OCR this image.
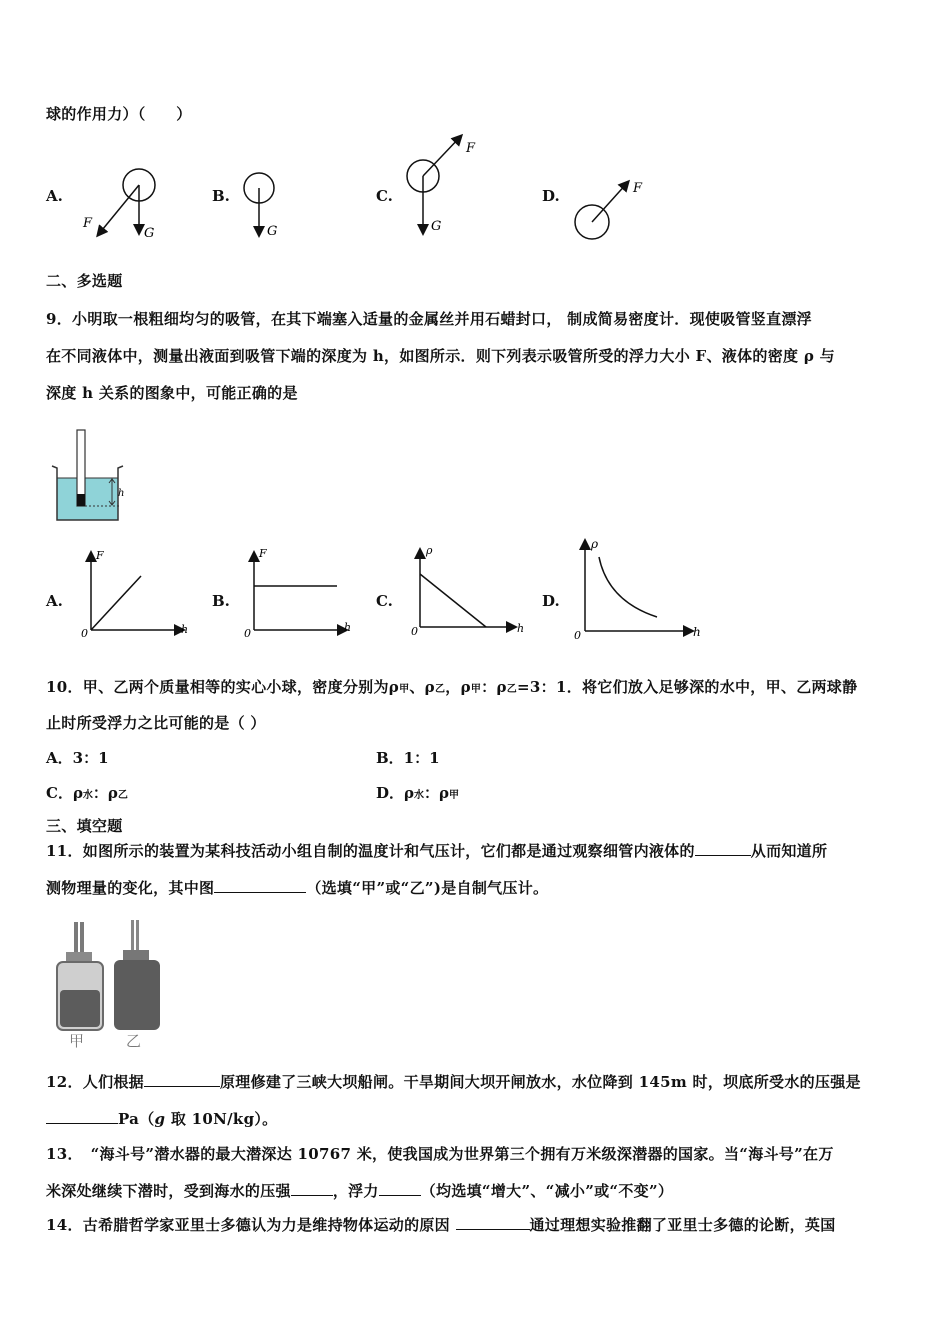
球的作用力）（　　）
A.
F
G
B.
G
C.
F
G
D.	F
二、多选题
9．小明取一根粗细均匀的吸管，在其下端塞入适量的金属丝并用石蜡封口， 制成简易密度计．现使吸管竖直漂浮
在不同液体中，测量出液面到吸管下端的深度为 h，如图所示．则下列表示吸管所受的浮力大小 F、液体的密度 ρ 与
深度 h 关系的图象中，可能正确的是
h
A.
F
h
0
B.
F
h
0
C.
ρ
h
0
D.
ρ
h
0
10．甲、乙两个质量相等的实心小球，密度分别为ρ甲、ρ乙，ρ甲：ρ乙=3：1．将它们放入足够深的水中，甲、乙两球静
止时所受浮力之比可能的是（ ）
A．3：1	B．1：1
C．ρ水：ρ乙	D．ρ水：ρ甲
三、填空题
11．如图所示的装置为某科技活动小组自制的温度计和气压计，它们都是通过观察细管内液体的	从而知道所
测物理量的变化，其中图	（选填“甲”或“乙”)是自制气压计。
甲	乙
12．人们根据	原理修建了三峡大坝船闸。干旱期间大坝开闸放水，水位降到 145m 时，坝底所受水的压强是
Pa（g 取 10N/kg）。
13．　“海斗号”潜水器的最大潜深达 10767 米，使我国成为世界第三个拥有万米级深潜器的国家。当“海斗号”在万
米深处继续下潜时，受到海水的压强	，浮力	（均选填“增大”、“减小”或“不变”）
14．古希腊哲学家亚里士多德认为力是维持物体运动的原因	通过理想实验推翻了亚里士多德的论断，英国
